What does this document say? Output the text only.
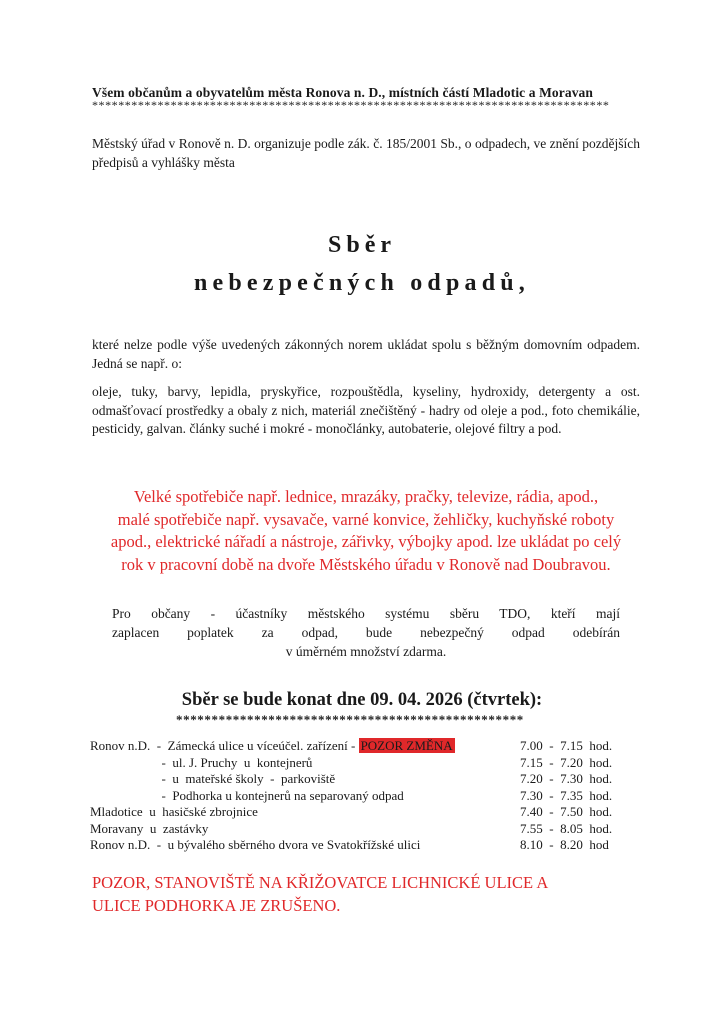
Všem občanům a obyvatelům města Ronova n. D., místních částí Mladotic a Moravan
*******************************************************************************
Městský úřad v Ronově n. D. organizuje podle zák. č. 185/2001 Sb., o odpadech, ve znění pozdějších předpisů a vyhlášky města
Sběr
nebezpečných odpadů,
které nelze podle výše uvedených zákonných norem ukládat spolu s běžným domovním odpadem. Jedná se např. o:
oleje, tuky, barvy, lepidla, pryskyřice, rozpouštědla, kyseliny, hydroxidy, detergenty a ost. odmašťovací prostředky a obaly z nich, materiál znečištěný - hadry od oleje a pod., foto chemikálie, pesticidy, galvan. články suché i mokré - monočlánky, autobaterie, olejové filtry a pod.
Velké spotřebiče např. lednice, mrazáky, pračky, televize, rádia, apod.,
malé spotřebiče např. vysavače, varné konvice, žehličky, kuchyňské roboty
apod., elektrické nářadí a nástroje, zářivky, výbojky apod. lze ukládat po celý
rok v pracovní době na dvoře Městského úřadu v Ronově nad Doubravou.
Pro občany - účastníky městského systému sběru TDO, kteří mají
zaplacen poplatek za odpad, bude nebezpečný odpad odebírán
v úměrném množství zdarma.
Sběr se bude konat dne 09. 04. 2026 (čtvrtek):
*************************************************
Ronov n.D.  -  Zámecká ulice u víceúčel. zařízení - POZOR ZMĚNA	7.00  -  7.15  hod.
-  ul. J. Pruchy  u  kontejnerů	7.15  -  7.20  hod.
-  u  mateřské školy  -  parkoviště	7.20  -  7.30  hod.
-  Podhorka u kontejnerů na separovaný odpad	7.30  -  7.35  hod.
Mladotice  u  hasičské zbrojnice	7.40  -  7.50  hod.
Moravany  u  zastávky	7.55  -  8.05  hod.
Ronov n.D.  -  u bývalého sběrného dvora ve Svatokřížské ulici	8.10  -  8.20  hod
POZOR, STANOVIŠTĚ NA KŘIŽOVATCE LICHNICKÉ ULICE A
ULICE PODHORKA JE ZRUŠENO.
